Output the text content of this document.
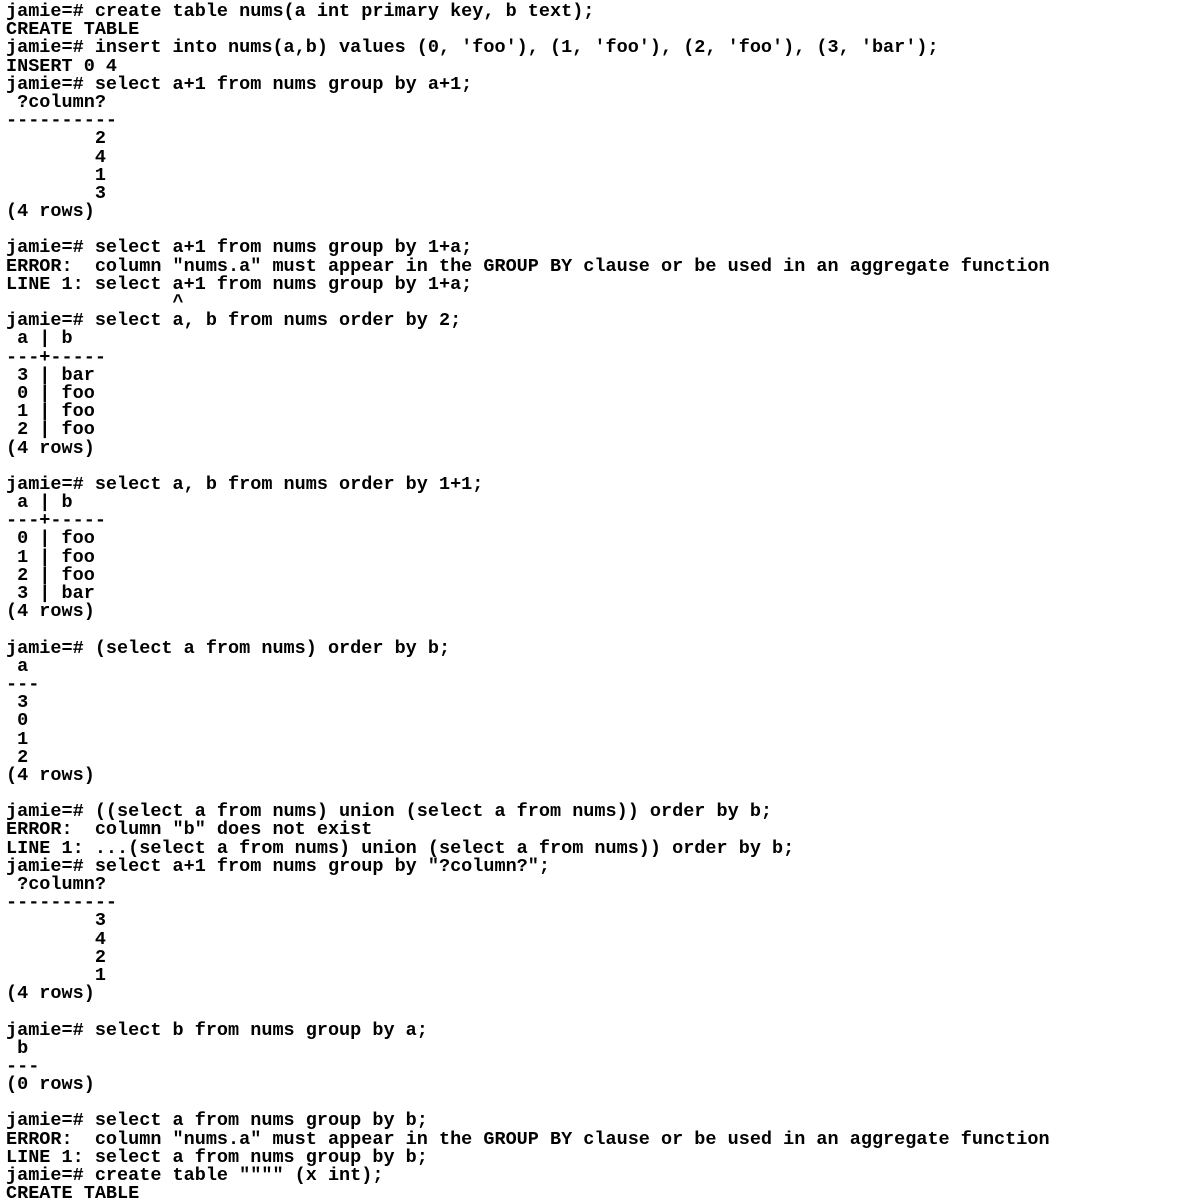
jamie=# create table nums(a int primary key, b text);
CREATE TABLE
jamie=# insert into nums(a,b) values (0, 'foo'), (1, 'foo'), (2, 'foo'), (3, 'bar');
INSERT 0 4
jamie=# select a+1 from nums group by a+1;
?column?
----------
2
4
1
3
(4 rows)
jamie=# select a+1 from nums group by 1+a;
ERROR:  column "nums.a" must appear in the GROUP BY clause or be used in an aggregate function
LINE 1: select a+1 from nums group by 1+a;
^
jamie=# select a, b from nums order by 2;
a | b
---+-----
3 | bar
0 | foo
1 | foo
2 | foo
(4 rows)
jamie=# select a, b from nums order by 1+1;
a | b
---+-----
0 | foo
1 | foo
2 | foo
3 | bar
(4 rows)
jamie=# (select a from nums) order by b;
a
---
3
0
1
2
(4 rows)
jamie=# ((select a from nums) union (select a from nums)) order by b;
ERROR:  column "b" does not exist
LINE 1: ...(select a from nums) union (select a from nums)) order by b;
jamie=# select a+1 from nums group by "?column?";
?column?
----------
3
4
2
1
(4 rows)
jamie=# select b from nums group by a;
b
---
(0 rows)
jamie=# select a from nums group by b;
ERROR:  column "nums.a" must appear in the GROUP BY clause or be used in an aggregate function
LINE 1: select a from nums group by b;
jamie=# create table """" (x int);
CREATE TABLE
